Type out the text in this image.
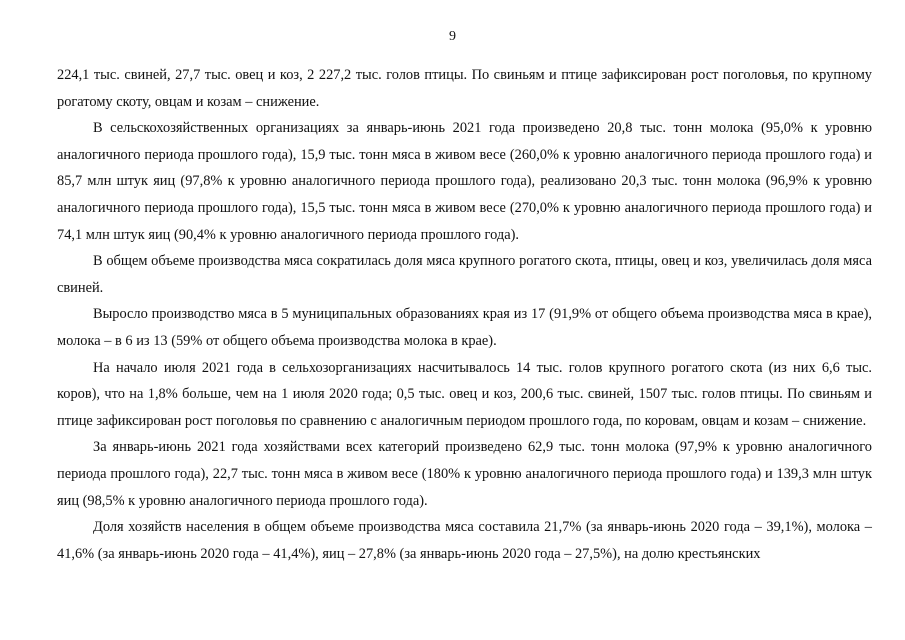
9

224,1 тыс. свиней, 27,7 тыс. овец и коз, 2 227,2 тыс. голов птицы. По свиньям и птице зафиксирован рост поголовья, по крупному рогатому скоту, овцам и козам – снижение.

В сельскохозяйственных организациях за январь-июнь 2021 года произведено 20,8 тыс. тонн молока (95,0% к уровню аналогичного периода прошлого года), 15,9 тыс. тонн мяса в живом весе (260,0% к уровню аналогичного периода прошлого года) и 85,7 млн штук яиц (97,8% к уровню аналогичного периода прошлого года), реализовано 20,3 тыс. тонн молока (96,9% к уровню аналогичного периода прошлого года), 15,5 тыс. тонн мяса в живом весе (270,0% к уровню аналогичного периода прошлого года) и 74,1 млн штук яиц (90,4% к уровню аналогичного периода прошлого года).

В общем объеме производства мяса сократилась доля мяса крупного рогатого скота, птицы, овец и коз, увеличилась доля мяса свиней.

Выросло производство мяса в 5 муниципальных образованиях края из 17 (91,9% от общего объема производства мяса в крае), молока – в 6 из 13 (59% от общего объема производства молока в крае).

На начало июля 2021 года в сельхозорганизациях насчитывалось 14 тыс. голов крупного рогатого скота (из них 6,6 тыс. коров), что на 1,8% больше, чем на 1 июля 2020 года; 0,5 тыс. овец и коз, 200,6 тыс. свиней, 1507 тыс. голов птицы. По свиньям и птице зафиксирован рост поголовья по сравнению с аналогичным периодом прошлого года, по коровам, овцам и козам – снижение.

За январь-июнь 2021 года хозяйствами всех категорий произведено 62,9 тыс. тонн молока (97,9% к уровню аналогичного периода прошлого года), 22,7 тыс. тонн мяса в живом весе (180% к уровню аналогичного периода прошлого года) и 139,3 млн штук яиц (98,5% к уровню аналогичного периода прошлого года).

Доля хозяйств населения в общем объеме производства мяса составила 21,7% (за январь-июнь 2020 года – 39,1%), молока – 41,6% (за январь-июнь 2020 года – 41,4%), яиц – 27,8% (за январь-июнь 2020 года – 27,5%), на долю крестьянских
